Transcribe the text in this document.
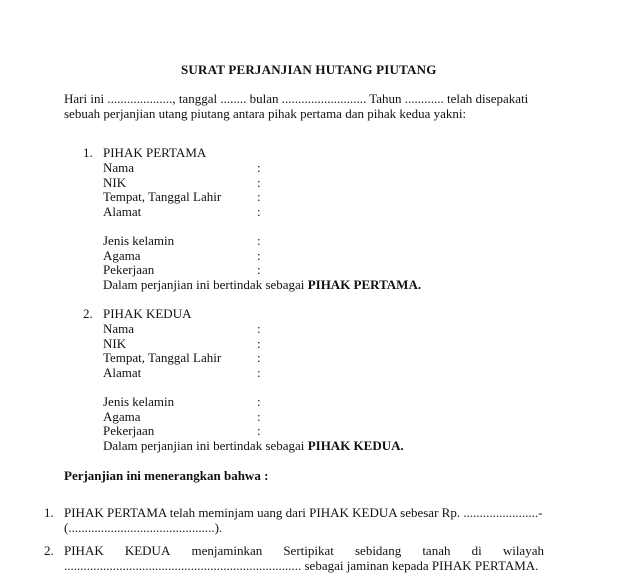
SURAT PERJANJIAN HUTANG PIUTANG
Hari ini ...................., tanggal ........ bulan .......................... Tahun ............ telah disepakati
sebuah perjanjian utang piutang antara pihak pertama dan pihak kedua yakni:
1. PIHAK PERTAMA
Nama
NIK
Tempat, Tanggal Lahir
Alamat
Jenis kelamin
Agama
Pekerjaan
:
:
:
:
:
:
:
Dalam perjanjian ini bertindak sebagai PIHAK PERTAMA.
2. PIHAK KEDUA
Nama
NIK
Tempat, Tanggal Lahir
Alamat
Jenis kelamin
Agama
Pekerjaan
:
:
:
:
:
:
:
Dalam perjanjian ini bertindak sebagai PIHAK KEDUA.
Perjanjian ini menerangkan bahwa :
1. PIHAK PERTAMA telah meminjam uang dari PIHAK KEDUA sebesar Rp. .......................-
(.............................................).
2. PIHAK KEDUA menjaminkan Sertipikat sebidang tanah di wilayah
......................................................................... sebagai jaminan kepada PIHAK PERTAMA.
